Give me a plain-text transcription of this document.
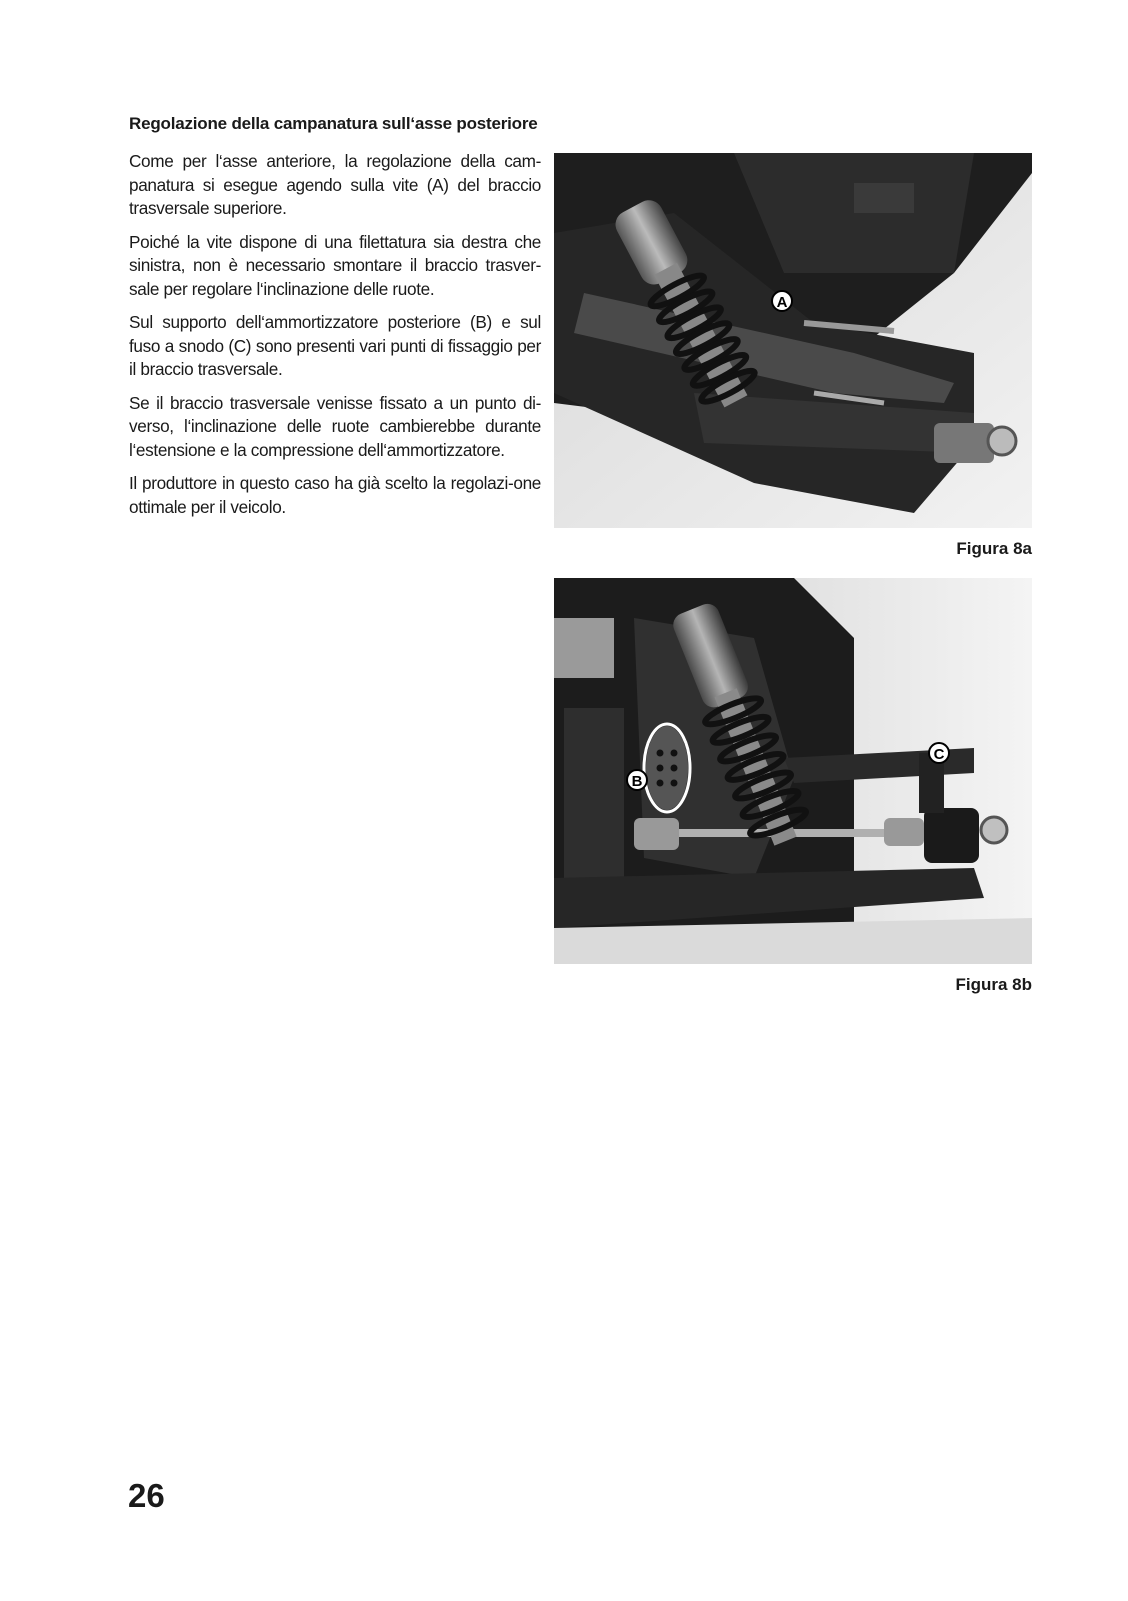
Regolazione della campanatura sull‘asse posteriore

Come per l‘asse anteriore, la regolazione della cam-panatura si esegue agendo sulla vite (A) del braccio trasversale superiore.

Poiché la vite dispone di una filettatura sia destra che sinistra, non è necessario smontare il braccio trasver-sale per regolare l‘inclinazione delle ruote.

Sul supporto dell‘ammortizzatore posteriore (B) e sul fuso a snodo (C) sono presenti vari punti di fissaggio per il braccio trasversale.

Se il braccio trasversale venisse fissato a un punto di-verso, l‘inclinazione delle ruote cambierebbe durante l‘estensione e la compressione dell‘ammortizzatore.

Il produttore in questo caso ha già scelto la regolazi-one ottimale per il veicolo.

A

Figura 8a

B
C

Figura 8b

26
